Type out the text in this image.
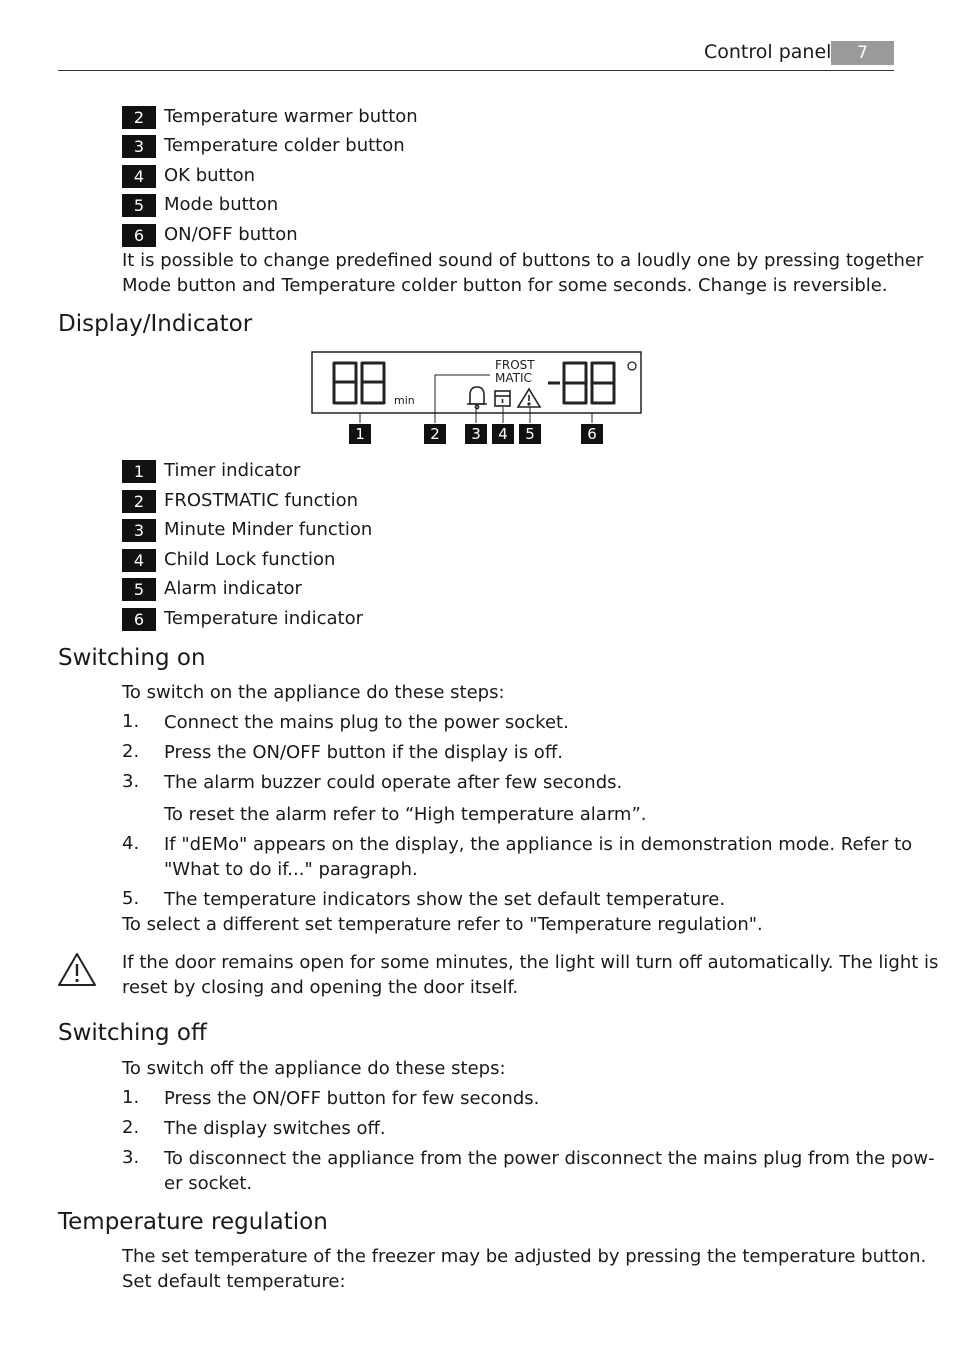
Control panel	7
2	Temperature warmer button
3	Temperature colder button
4	OK button
5	Mode button
6	ON/OFF button
It is possible to change predefined sound of buttons to a loudly one by pressing together
Mode button and Temperature colder button for some seconds. Change is reversible.
Display/Indicator
min
FROST
MATIC
1	2	3	4	5	6
1	Timer indicator
2	FROSTMATIC function
3	Minute Minder function
4	Child Lock function
5	Alarm indicator
6	Temperature indicator
Switching on
To switch on the appliance do these steps:
1. Connect the mains plug to the power socket.
2. Press the ON/OFF button if the display is off.
3. The alarm buzzer could operate after few seconds.
To reset the alarm refer to “High temperature alarm”.
4. If "dEMo" appears on the display, the appliance is in demonstration mode. Refer to
"What to do if..." paragraph.
5. The temperature indicators show the set default temperature.
To select a different set temperature refer to "Temperature regulation".
If the door remains open for some minutes, the light will turn off automatically. The light is
reset by closing and opening the door itself.
Switching off
To switch off the appliance do these steps:
1. Press the ON/OFF button for few seconds.
2. The display switches off.
3. To disconnect the appliance from the power disconnect the mains plug from the pow-
er socket.
Temperature regulation
The set temperature of the freezer may be adjusted by pressing the temperature button.
Set default temperature:
